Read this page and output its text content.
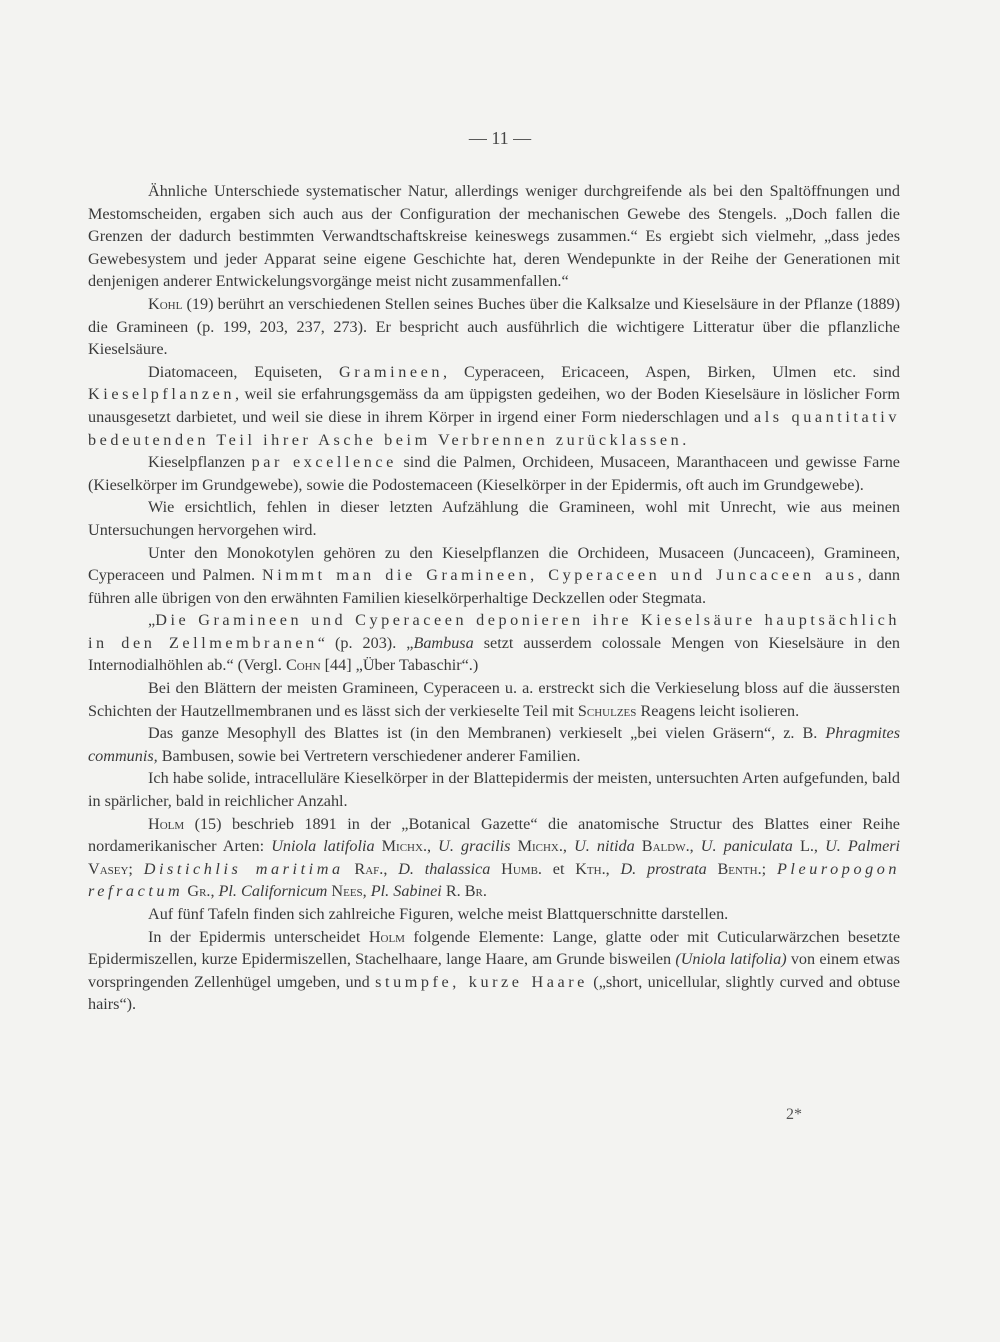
— 11 —

Ähnliche Unterschiede systematischer Natur, allerdings weniger durchgreifende als bei den Spaltöffnungen und Mestomscheiden, ergaben sich auch aus der Configuration der mechanischen Gewebe des Stengels. „Doch fallen die Grenzen der dadurch bestimmten Verwandtschaftskreise keineswegs zusammen.“ Es ergiebt sich vielmehr, „dass jedes Gewebesystem und jeder Apparat seine eigene Geschichte hat, deren Wendepunkte in der Reihe der Generationen mit denjenigen anderer Entwickelungsvorgänge meist nicht zusammenfallen.“

Kohl (19) berührt an verschiedenen Stellen seines Buches über die Kalksalze und Kieselsäure in der Pflanze (1889) die Gramineen (p. 199, 203, 237, 273). Er bespricht auch ausführlich die wichtigere Litteratur über die pflanzliche Kieselsäure.

Diatomaceen, Equiseten, Gramineen, Cyperaceen, Ericaceen, Aspen, Birken, Ulmen etc. sind Kieselpflanzen, weil sie erfahrungsgemäss da am üppigsten gedeihen, wo der Boden Kieselsäure in löslicher Form unausgesetzt darbietet, und weil sie diese in ihrem Körper in irgend einer Form niederschlagen und als quantitativ bedeutenden Teil ihrer Asche beim Verbrennen zurücklassen.

Kieselpflanzen par excellence sind die Palmen, Orchideen, Musaceen, Maranthaceen und gewisse Farne (Kieselkörper im Grundgewebe), sowie die Podostemaceen (Kieselkörper in der Epidermis, oft auch im Grundgewebe).

Wie ersichtlich, fehlen in dieser letzten Aufzählung die Gramineen, wohl mit Unrecht, wie aus meinen Untersuchungen hervorgehen wird.

Unter den Monokotylen gehören zu den Kieselpflanzen die Orchideen, Musaceen (Juncaceen), Gramineen, Cyperaceen und Palmen. Nimmt man die Gramineen, Cyperaceen und Juncaceen aus, dann führen alle übrigen von den erwähnten Familien kieselkörperhaltige Deckzellen oder Stegmata.

„Die Gramineen und Cyperaceen deponieren ihre Kieselsäure hauptsächlich in den Zellmembranen“ (p. 203). „Bambusa setzt ausserdem colossale Mengen von Kieselsäure in den Internodialhöhlen ab.“ (Vergl. Cohn [44] „Über Tabaschir“.)

Bei den Blättern der meisten Gramineen, Cyperaceen u. a. erstreckt sich die Verkieselung bloss auf die äussersten Schichten der Hautzellmembranen und es lässt sich der verkieselte Teil mit Schulzes Reagens leicht isolieren.

Das ganze Mesophyll des Blattes ist (in den Membranen) verkieselt „bei vielen Gräsern“, z. B. Phragmites communis, Bambusen, sowie bei Vertretern verschiedener anderer Familien.

Ich habe solide, intracelluläre Kieselkörper in der Blattepidermis der meisten, untersuchten Arten aufgefunden, bald in spärlicher, bald in reichlicher Anzahl.

Holm (15) beschrieb 1891 in der „Botanical Gazette“ die anatomische Structur des Blattes einer Reihe nordamerikanischer Arten: Uniola latifolia Michx., U. gracilis Michx., U. nitida Baldw., U. paniculata L., U. Palmeri Vasey; Distichlis maritima Raf., D. thalassica Humb. et Kth., D. prostrata Benth.; Pleuropogon refractum Gr., Pl. Californicum Nees, Pl. Sabinei R. Br.

Auf fünf Tafeln finden sich zahlreiche Figuren, welche meist Blattquerschnitte darstellen.

In der Epidermis unterscheidet Holm folgende Elemente: Lange, glatte oder mit Cuticularwärzchen besetzte Epidermiszellen, kurze Epidermiszellen, Stachelhaare, lange Haare, am Grunde bisweilen (Uniola latifolia) von einem etwas vorspringenden Zellenhügel umgeben, und stumpfe, kurze Haare („short, unicellular, slightly curved and obtuse hairs“).

2*
